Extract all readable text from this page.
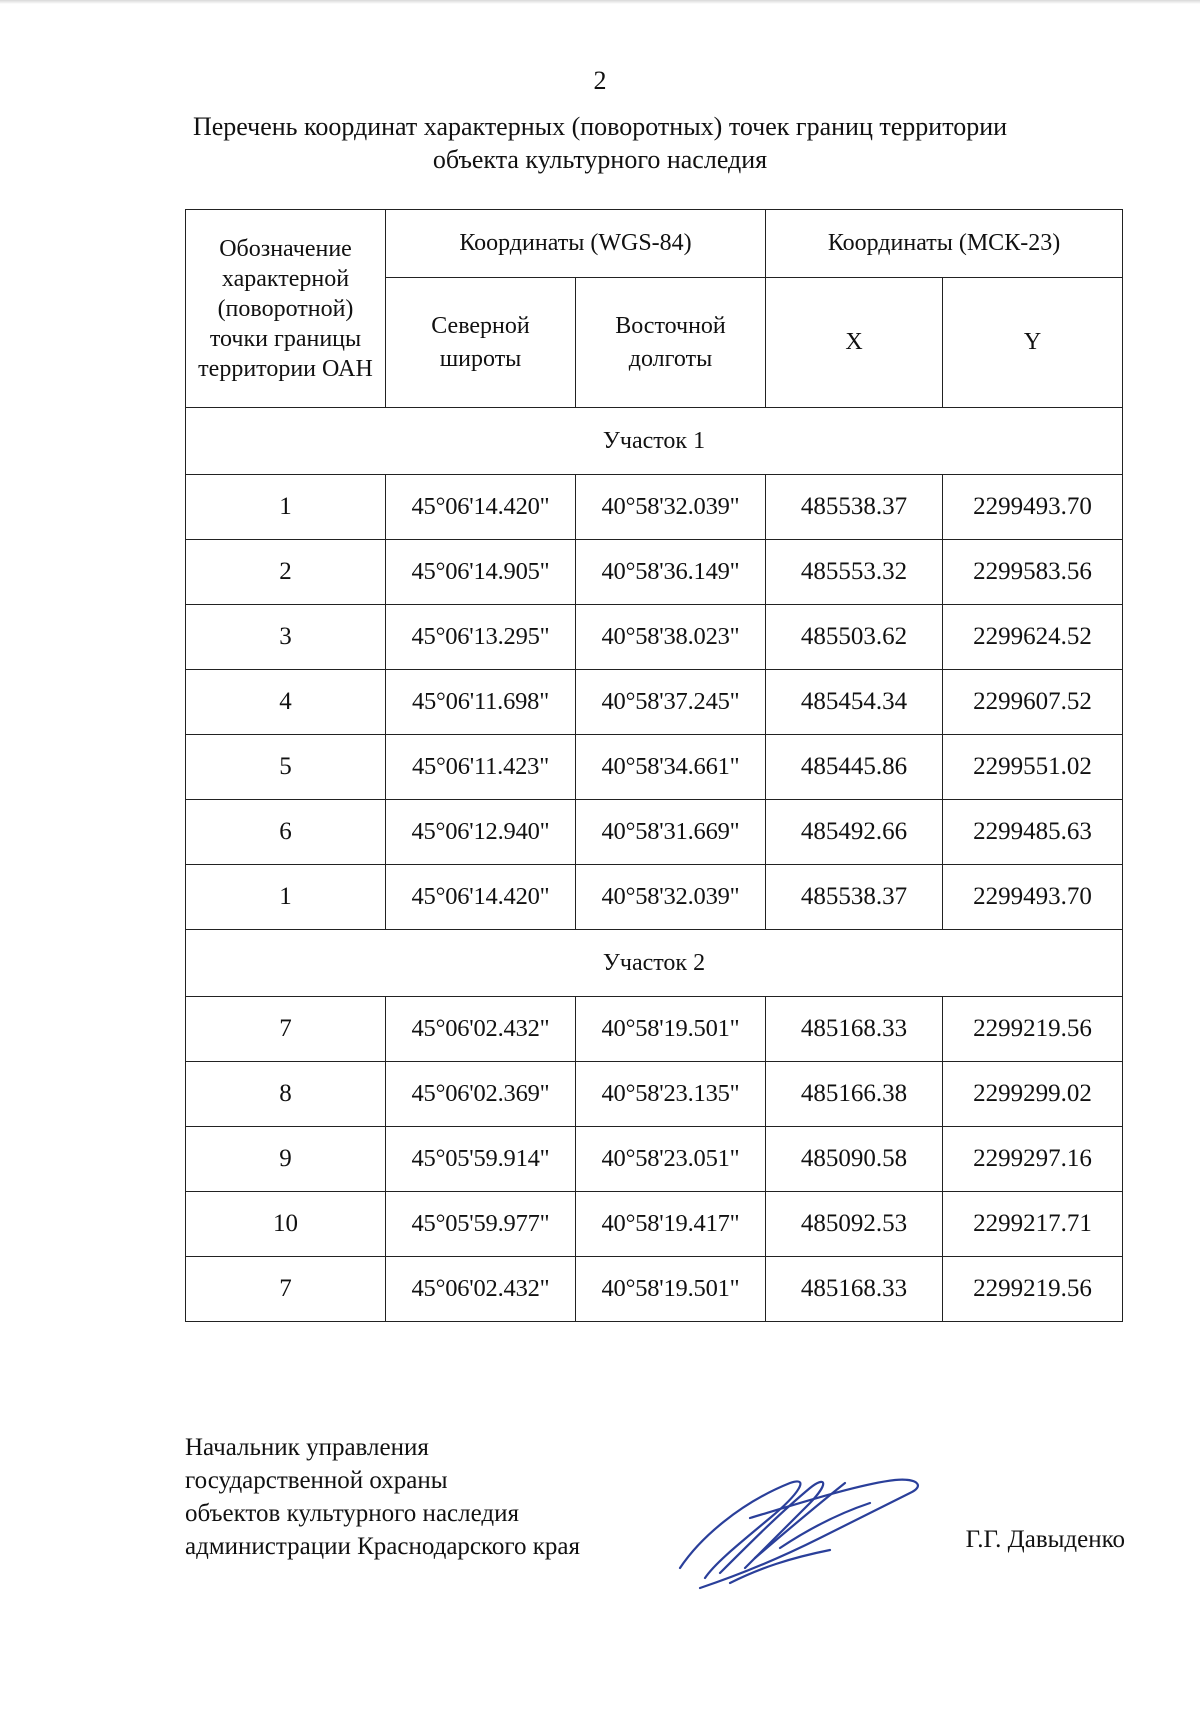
2
Перечень координат характерных (поворотных) точек границ территории
объекта культурного наследия
Обозначение характерной (поворотной) точки границы территории ОАН	Координаты (WGS-84)		Координаты (МСК-23)	
	Северной широты	Восточной долготы	X	Y
Участок 1				
1	45°06'14.420"	40°58'32.039"	485538.37	2299493.70
2	45°06'14.905"	40°58'36.149"	485553.32	2299583.56
3	45°06'13.295"	40°58'38.023"	485503.62	2299624.52
4	45°06'11.698"	40°58'37.245"	485454.34	2299607.52
5	45°06'11.423"	40°58'34.661"	485445.86	2299551.02
6	45°06'12.940"	40°58'31.669"	485492.66	2299485.63
1	45°06'14.420"	40°58'32.039"	485538.37	2299493.70
Участок 2				
7	45°06'02.432"	40°58'19.501"	485168.33	2299219.56
8	45°06'02.369"	40°58'23.135"	485166.38	2299299.02
9	45°05'59.914"	40°58'23.051"	485090.58	2299297.16
10	45°05'59.977"	40°58'19.417"	485092.53	2299217.71
7	45°06'02.432"	40°58'19.501"	485168.33	2299219.56
Начальник управления
государственной охраны
объектов культурного наследия
администрации Краснодарского края	Г.Г. Давыденко
